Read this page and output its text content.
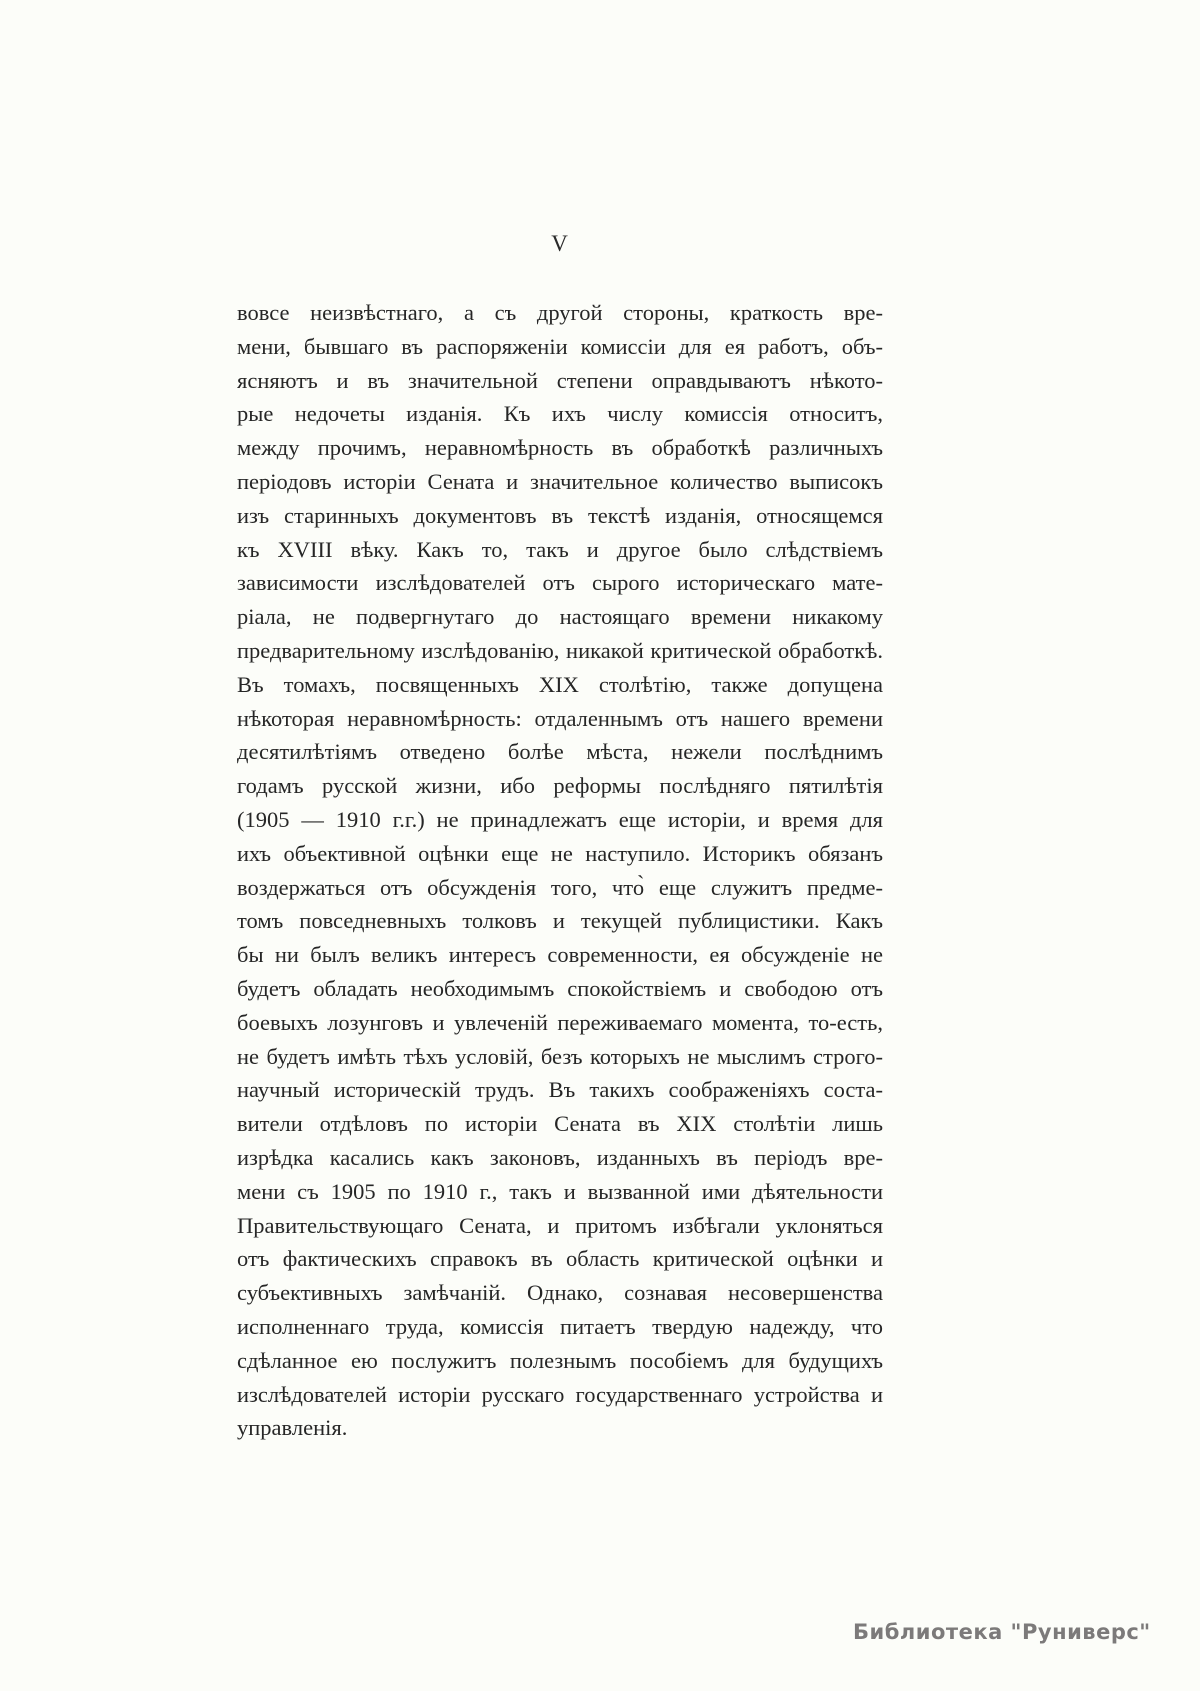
V
вовсе неизвѣстнаго, а съ другой стороны, краткость вре-
мени, бывшаго въ распоряженіи комиссіи для ея работъ, объ-
ясняютъ и въ значительной степени оправдываютъ нѣкото-
рые недочеты изданія. Къ ихъ числу комиссія относитъ,
между прочимъ, неравномѣрность въ обработкѣ различныхъ
періодовъ исторіи Сената и значительное количество выписокъ
изъ старинныхъ документовъ въ текстѣ изданія, относящемся
къ XVIII вѣку. Какъ то, такъ и другое было слѣдствіемъ
зависимости изслѣдователей отъ сырого историческаго мате-
ріала, не подвергнутаго до настоящаго времени никакому
предварительному изслѣдованію, никакой критической обработкѣ.
Въ томахъ, посвященныхъ XIX столѣтію, также допущена
нѣкоторая неравномѣрность: отдаленнымъ отъ нашего времени
десятилѣтіямъ отведено болѣе мѣста, нежели послѣднимъ
годамъ русской жизни, ибо реформы послѣдняго пятилѣтія
(1905 — 1910 г.г.) не принадлежатъ еще исторіи, и время для
ихъ объективной оцѣнки еще не наступило. Историкъ обязанъ
воздержаться отъ обсужденія того, что̀ еще служитъ предме-
томъ повседневныхъ толковъ и текущей публицистики. Какъ
бы ни былъ великъ интересъ современности, ея обсужденіе не
будетъ обладать необходимымъ спокойствіемъ и свободою отъ
боевыхъ лозунговъ и увлеченій переживаемаго момента, то-есть,
не будетъ имѣть тѣхъ условій, безъ которыхъ не мыслимъ строго-
научный историческій трудъ. Въ такихъ соображеніяхъ соста-
вители отдѣловъ по исторіи Сената въ XIX столѣтіи лишь
изрѣдка касались какъ законовъ, изданныхъ въ періодъ вре-
мени съ 1905 по 1910 г., такъ и вызванной ими дѣятельности
Правительствующаго Сената, и притомъ избѣгали уклоняться
отъ фактическихъ справокъ въ область критической оцѣнки и
субъективныхъ замѣчаній. Однако, сознавая несовершенства
исполненнаго труда, комиссія питаетъ твердую надежду, что
сдѣланное ею послужитъ полезнымъ пособіемъ для будущихъ
изслѣдователей исторіи русскаго государственнаго устройства и
управленія.
Библиотека "Руниверс"
